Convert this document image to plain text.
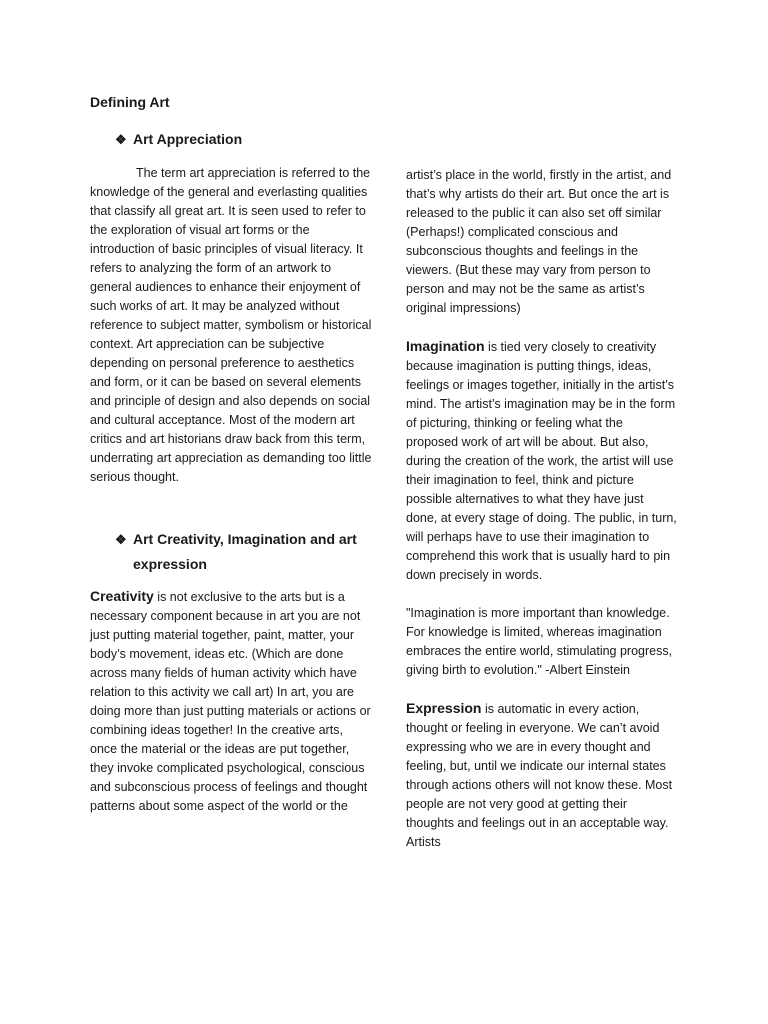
Defining Art
❖ Art Appreciation

The term art appreciation is referred to the knowledge of the general and everlasting qualities that classify all great art. It is seen used to refer to the exploration of visual art forms or the introduction of basic principles of visual literacy. It refers to analyzing the form of an artwork to general audiences to enhance their enjoyment of such works of art. It may be analyzed without reference to subject matter, symbolism or historical context. Art appreciation can be subjective depending on personal preference to aesthetics and form, or it can be based on several elements and principle of design and also depends on social and cultural acceptance. Most of the modern art critics and art historians draw back from this term, underrating art appreciation as demanding too little serious thought.

❖ Art Creativity, Imagination and art expression

Creativity is not exclusive to the arts but is a necessary component because in art you are not just putting material together, paint, matter, your body’s movement, ideas etc. (Which are done across many fields of human activity which have relation to this activity we call art) In art, you are doing more than just putting materials or actions or combining ideas together! In the creative arts, once the material or the ideas are put together, they invoke complicated psychological, conscious and subconscious process of feelings and thought patterns about some aspect of the world or the

artist’s place in the world, firstly in the artist, and that’s why artists do their art. But once the art is released to the public it can also set off similar (Perhaps!) complicated conscious and subconscious thoughts and feelings in the viewers. (But these may vary from person to person and may not be the same as artist’s original impressions)

Imagination is tied very closely to creativity because imagination is putting things, ideas, feelings or images together, initially in the artist’s mind. The artist’s imagination may be in the form of picturing, thinking or feeling what the proposed work of art will be about. But also, during the creation of the work, the artist will use their imagination to feel, think and picture possible alternatives to what they have just done, at every stage of doing. The public, in turn, will perhaps have to use their imagination to comprehend this work that is usually hard to pin down precisely in words.

"Imagination is more important than knowledge. For knowledge is limited, whereas imagination embraces the entire world, stimulating progress, giving birth to evolution." -Albert Einstein

Expression is automatic in every action, thought or feeling in everyone. We can’t avoid expressing who we are in every thought and feeling, but, until we indicate our internal states through actions others will not know these. Most people are not very good at getting their thoughts and feelings out in an acceptable way. Artists
